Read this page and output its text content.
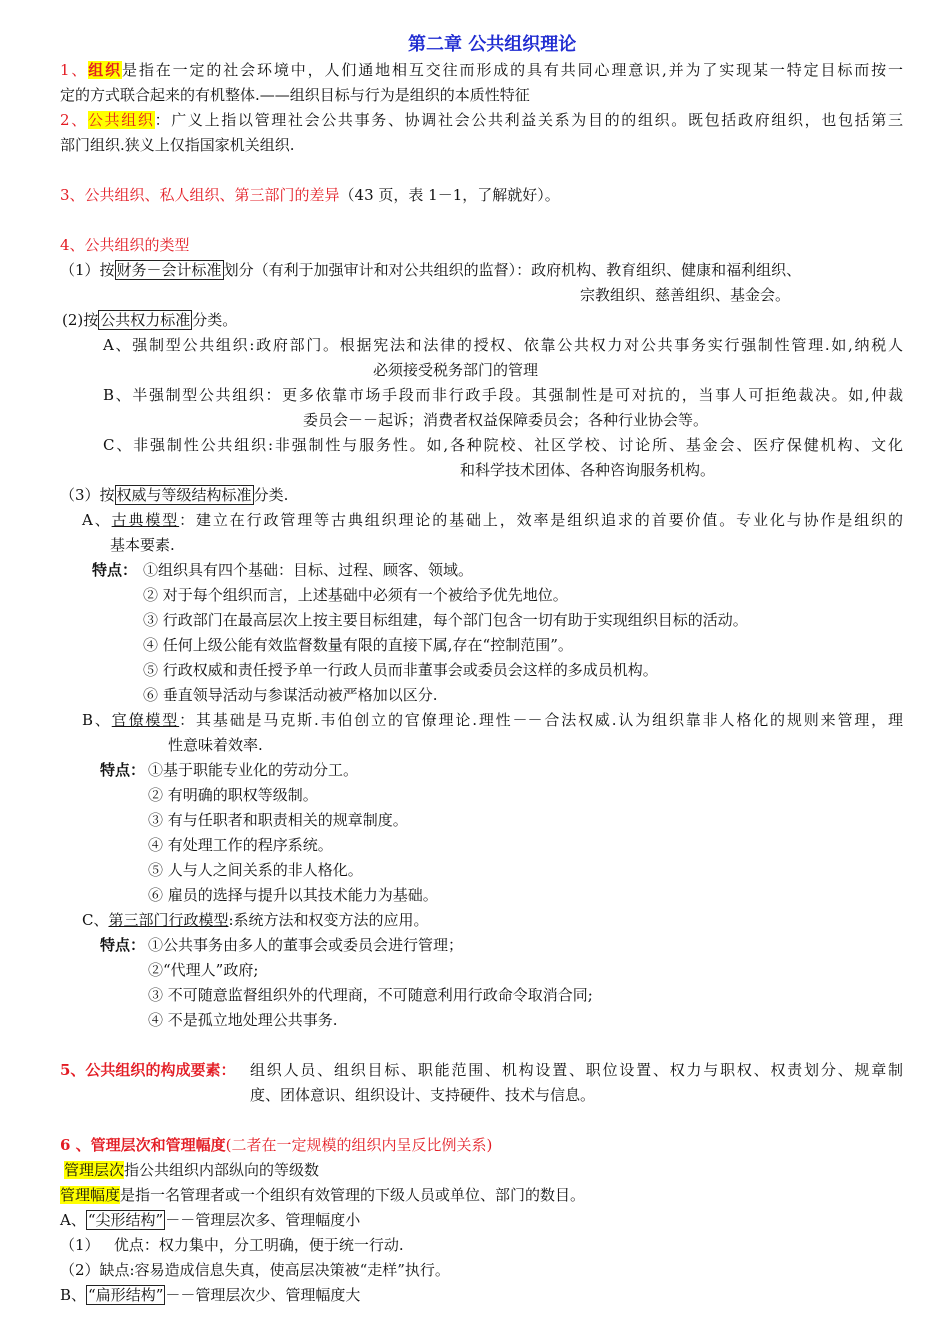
第二章 公共组织理论
1、组织是指在一定的社会环境中，人们通地相互交往而形成的具有共同心理意识,并为了实现某一特定目标而按一
定的方式联合起来的有机整体.——组织目标与行为是组织的本质性特征
2、公共组织：广义上指以管理社会公共事务、协调社会公共利益关系为目的的组织。既包括政府组织，也包括第三
部门组织.狭义上仅指国家机关组织.
3、公共组织、私人组织、第三部门的差异（43 页，表 1－1，了解就好）。
4、公共组织的类型
（1）按 财务－会计标准 划分（有利于加强审计和对公共组织的监督）：政府机构、教育组织、健康和福利组织、
宗教组织、慈善组织、基金会。
(2)按 公共权力标准 分类。
A、强制型公共组织:政府部门。根据宪法和法律的授权、依靠公共权力对公共事务实行强制性管理.如,纳税人
必须接受税务部门的管理
B、半强制型公共组织：更多依靠市场手段而非行政手段。其强制性是可对抗的，当事人可拒绝裁决。如,仲裁
委员会－－起诉；消费者权益保障委员会；各种行业协会等。
C、非强制性公共组织:非强制性与服务性。如,各种院校、社区学校、讨论所、基金会、医疗保健机构、文化
和科学技术团体、各种咨询服务机构。
（3）按 权威与等级结构标准 分类.
A、古典模型：建立在行政管理等古典组织理论的基础上，效率是组织追求的首要价值。专业化与协作是组织的
基本要素.
特点： ①组织具有四个基础：目标、过程、顾客、领域。
② 对于每个组织而言，上述基础中必须有一个被给予优先地位。
③ 行政部门在最高层次上按主要目标组建，每个部门包含一切有助于实现组织目标的活动。
④ 任何上级公能有效监督数量有限的直接下属,存在“控制范围”。
⑤ 行政权威和责任授予单一行政人员而非董事会或委员会这样的多成员机构。
⑥ 垂直领导活动与参谋活动被严格加以区分.
B、官僚模型：其基础是马克斯.韦伯创立的官僚理论.理性－－合法权威.认为组织靠非人格化的规则来管理，理
性意味着效率.
特点： ①基于职能专业化的劳动分工。
② 有明确的职权等级制。
③ 有与任职者和职责相关的规章制度。
④ 有处理工作的程序系统。
⑤ 人与人之间关系的非人格化。
⑥ 雇员的选择与提升以其技术能力为基础。
C、第三部门行政模型:系统方法和权变方法的应用。
特点： ①公共事务由多人的董事会或委员会进行管理；
②“代理人”政府;
③ 不可随意监督组织外的代理商，不可随意利用行政命令取消合同;
④ 不是孤立地处理公共事务.
5、公共组织的构成要素： 组织人员、组织目标、职能范围、机构设置、职位设置、权力与职权、权责划分、规章制
度、团体意识、组织设计、支持硬件、技术与信息。
6 、管理层次和管理幅度(二者在一定规模的组织内呈反比例关系)
管理层次指公共组织内部纵向的等级数
管理幅度是指一名管理者或一个组织有效管理的下级人员或单位、部门的数目。
A、 “尖形结构” －－管理层次多、管理幅度小
（1）   优点：权力集中，分工明确，便于统一行动.
（2）缺点:容易造成信息失真，使高层决策被“走样”执行。
B、 “扁形结构” －－管理层次少、管理幅度大
